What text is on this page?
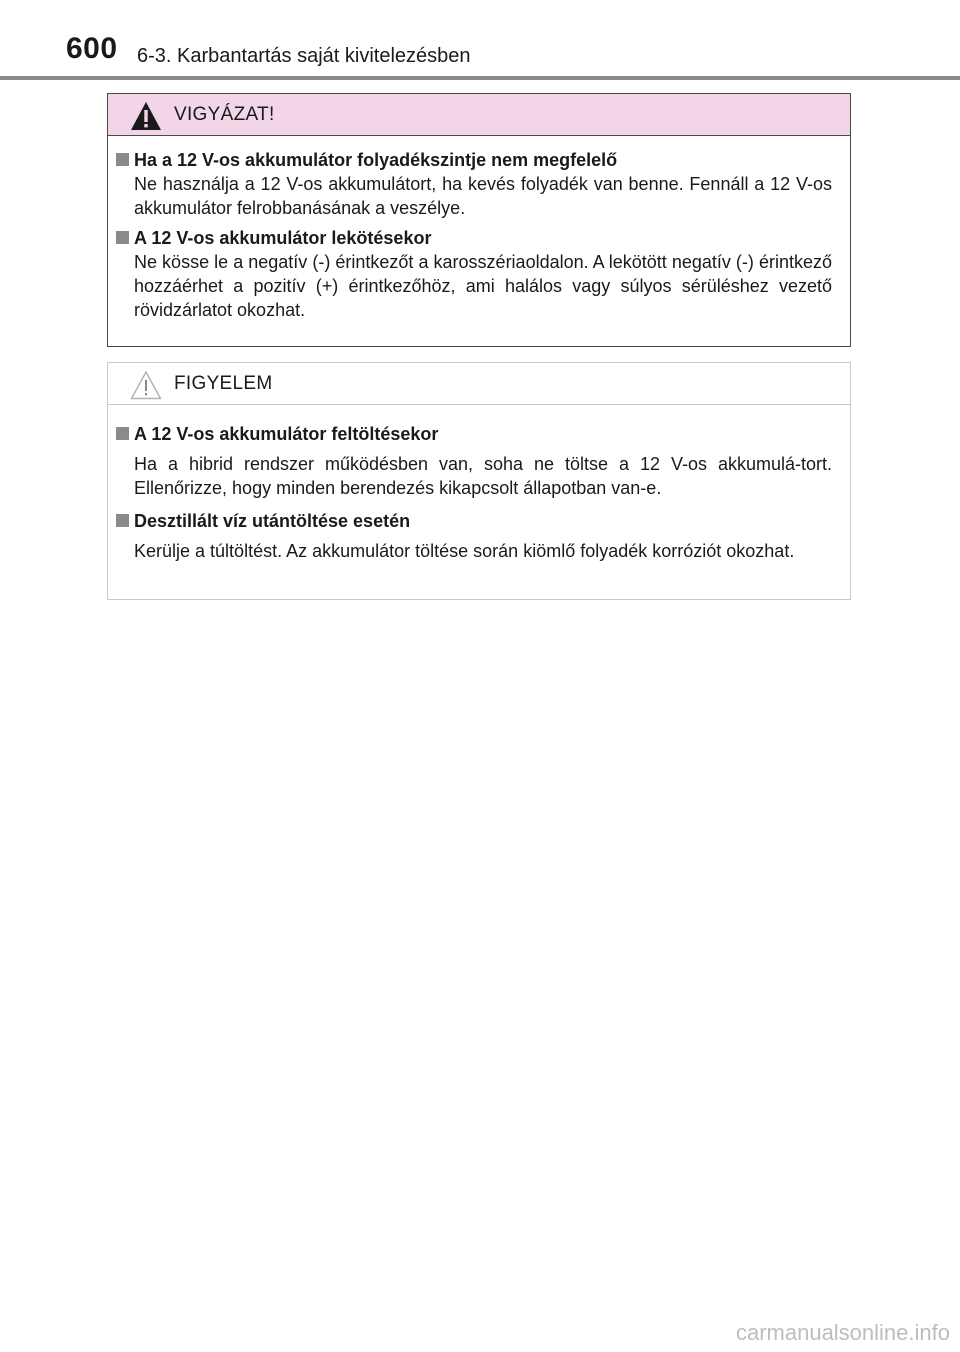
600 6-3. Karbantartás saját kivitelezésben
VIGYÁZAT!
Ha a 12 V-os akkumulátor folyadékszintje nem megfelelő
Ne használja a 12 V-os akkumulátort, ha kevés folyadék van benne. Fennáll a 12 V-os akkumulátor felrobbanásának a veszélye.
A 12 V-os akkumulátor lekötésekor
Ne kösse le a negatív (-) érintkezőt a karosszériaoldalon. A lekötött negatív (-) érintkező hozzáérhet a pozitív (+) érintkezőhöz, ami halálos vagy súlyos sérüléshez vezető rövidzárlatot okozhat.
FIGYELEM
A 12 V-os akkumulátor feltöltésekor
Ha a hibrid rendszer működésben van, soha ne töltse a 12 V-os akkumulá-tort. Ellenőrizze, hogy minden berendezés kikapcsolt állapotban van-e.
Desztillált víz utántöltése esetén
Kerülje a túltöltést. Az akkumulátor töltése során kiömlő folyadék korróziót okozhat.
carmanualsonline.info
